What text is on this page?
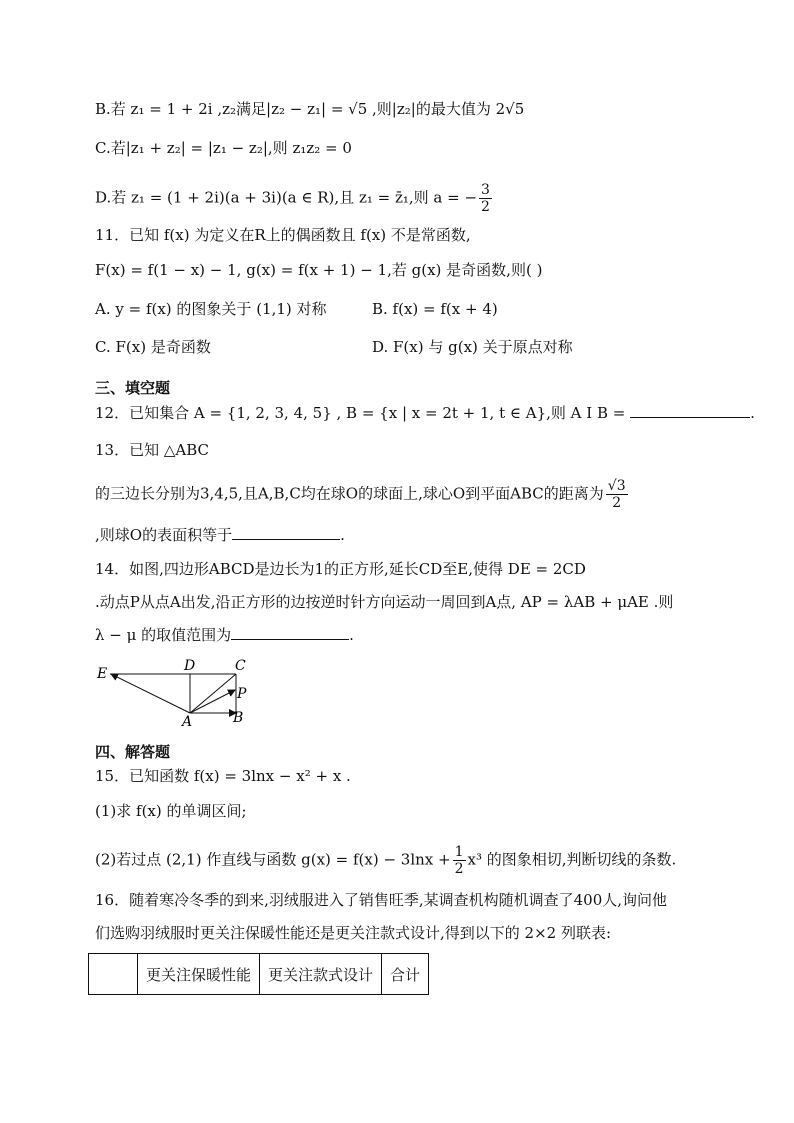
B.若 z₁ = 1 + 2i ,z₂满足|z₂ − z₁| = √5 ,则|z₂|的最大值为 2√5
C.若|z₁ + z₂| = |z₁ − z₂|,则 z₁z₂ = 0
D.若 z₁ = (1 + 2i)(a + 3i)(a ∈ R),且 z₁ = z̄₁,则 a = − $\frac{3}{2}$
11．已知 f(x) 为定义在R上的偶函数且 f(x) 不是常函数,
F(x) = f(1 − x) − 1, g(x) = f(x + 1) − 1,若 g(x) 是奇函数,则( )
A. y = f(x) 的图象关于 (1,1) 对称	B. f(x) = f(x + 4)
C. F(x) 是奇函数	D. F(x) 与 g(x) 关于原点对称
三、填空题
12．已知集合 A = {1, 2, 3, 4, 5} , B = {x | x = 2t + 1, t ∈ A},则 A I B =	.
13．已知 △ABC
的三边长分别为3,4,5,且A,B,C均在球O的球面上,球心O到平面ABC的距离为 $\frac{√3}{2}$
,则球O的表面积等于	.
14．如图,四边形ABCD是边长为1的正方形,延长CD至E,使得 DE = 2CD
.动点P从点A出发,沿正方形的边按逆时针方向运动一周回到A点, AP = λAB + μAE .则
λ − μ 的取值范围为	.
E	D	C
P
A	B
四、解答题
15．已知函数 f(x) = 3lnx − x² + x .
(1)求 f(x) 的单调区间;
(2)若过点 (2,1) 作直线与函数 $g(x) = f(x) - 3\ln x + \frac{1}{2} x^3$ 的图象相切,判断切线的条数.
16．随着寒冷冬季的到来,羽绒服进入了销售旺季,某调查机构随机调查了400人,询问他
们选购羽绒服时更关注保暖性能还是更关注款式设计,得到以下的 2×2 列联表:
	更关注保暖性能	更关注款式设计	合计
